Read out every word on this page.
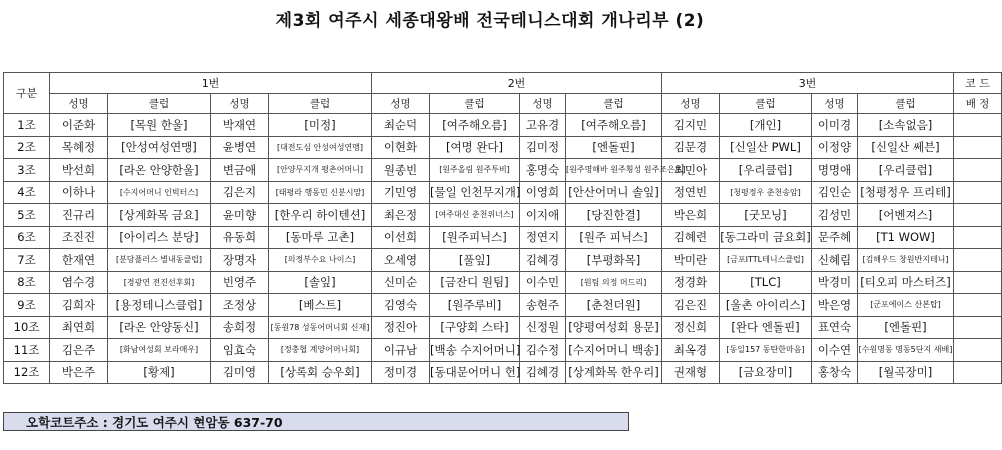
제3회 여주시 세종대왕배 전국테니스대회 개나리부 (2)
구분	1번				2번				3번				코 드
	성명	클럽	성명	클럽	성명	클럽	성명	클럽	성명	클럽	성명	클럽	배 정
1조	이준화	[목원 한울]	박재연	[미정]	최순덕	[여주해오름]	고유경	[여주해오름]	김지민	[개인]	이미경	[소속없음]	
2조	목혜정	[안성여성연맹]	윤병연	[대전도심 안성여성연맹]	이현화	[여명 완다]	김미정	[엔돌핀]	김문경	[신일산 PWL]	이정양	[신일산 쎄븐]	
3조	박선희	[라온 안양한울]	변금애	[안양무지개 평촌어머니]	원종빈	[원주올림 원주투비]	홍명숙	[원주명해바 원주횡성 원주조은트]	최민아	[우리클럽]	명명애	[우리클럽]	
4조	이하나	[수지어머니 인빅터스]	김은지	[태평라 행동민 신분시맘]	기민영	[물일 인천무지개]	이영희	[안산어머니 솔잎]	정연빈	[청평정우 춘천송암]	김인순	[청평정우 프리테]	
5조	진규리	[상계화목 금요]	윤미향	[한우리 하이텐션]	최은정	[여주대신 춘천위너스]	이지애	[당진한결]	박은희	[굿모닝]	김성민	[어벤져스]	
6조	조진진	[아이리스 분당]	유동희	[동마루 고촌]	이선희	[원주피닉스]	정연지	[원주 피닉스]	김혜련	[동그라미 금요회]	문주혜	[T1 WOW]	
7조	한재연	[분당플러스 별내동클럽]	장명자	[의정부수요 나이스]	오세영	[풀잎]	김혜경	[부평화목]	박미란	[금포ITTL테니스클럽]	신혜림	[김해우드 창원반지테니]	
8조	염수경	[경광연 전진선후회]	빈영주	[솔잎]	신미순	[금잔디 원팀]	이수민	[원팀 의정 머드리]	정경화	[TLC]	박경미	[티오피 마스터즈]	
9조	김희자	[용정테니스클럽]	조정상	[베스트]	김영숙	[원주루비]	송현주	[춘천더원]	김은진	[울촌 아이리스]	박은영	[군포에이스 산본탑]	
10조	최연희	[라온 안양동신]	송희정	[동원78 성동어머니회 신재]	정진아	[구양회 스타]	신정원	[양평여성회 용문]	정신희	[완다 엔돌핀]	표연숙	[엔돌핀]	
11조	김은주	[화남여성회 보라매우]	임효숙	[정충협 계양어머니회]	이규남	[백송 수지어머니]	김수정	[수지어머니 백송]	최옥경	[동일157 동탄한마음]	이수연	[수원명동 명동5단지 새배]	
12조	박은주	[황제]	김미영	[상록회 승우회]	정미경	[동대문어머니 헌]	김혜경	[상계화목 한우리]	권재형	[금요장미]	홍창숙	[월곡장미]	
오학코트주소 : 경기도 여주시 현암동 637-70
